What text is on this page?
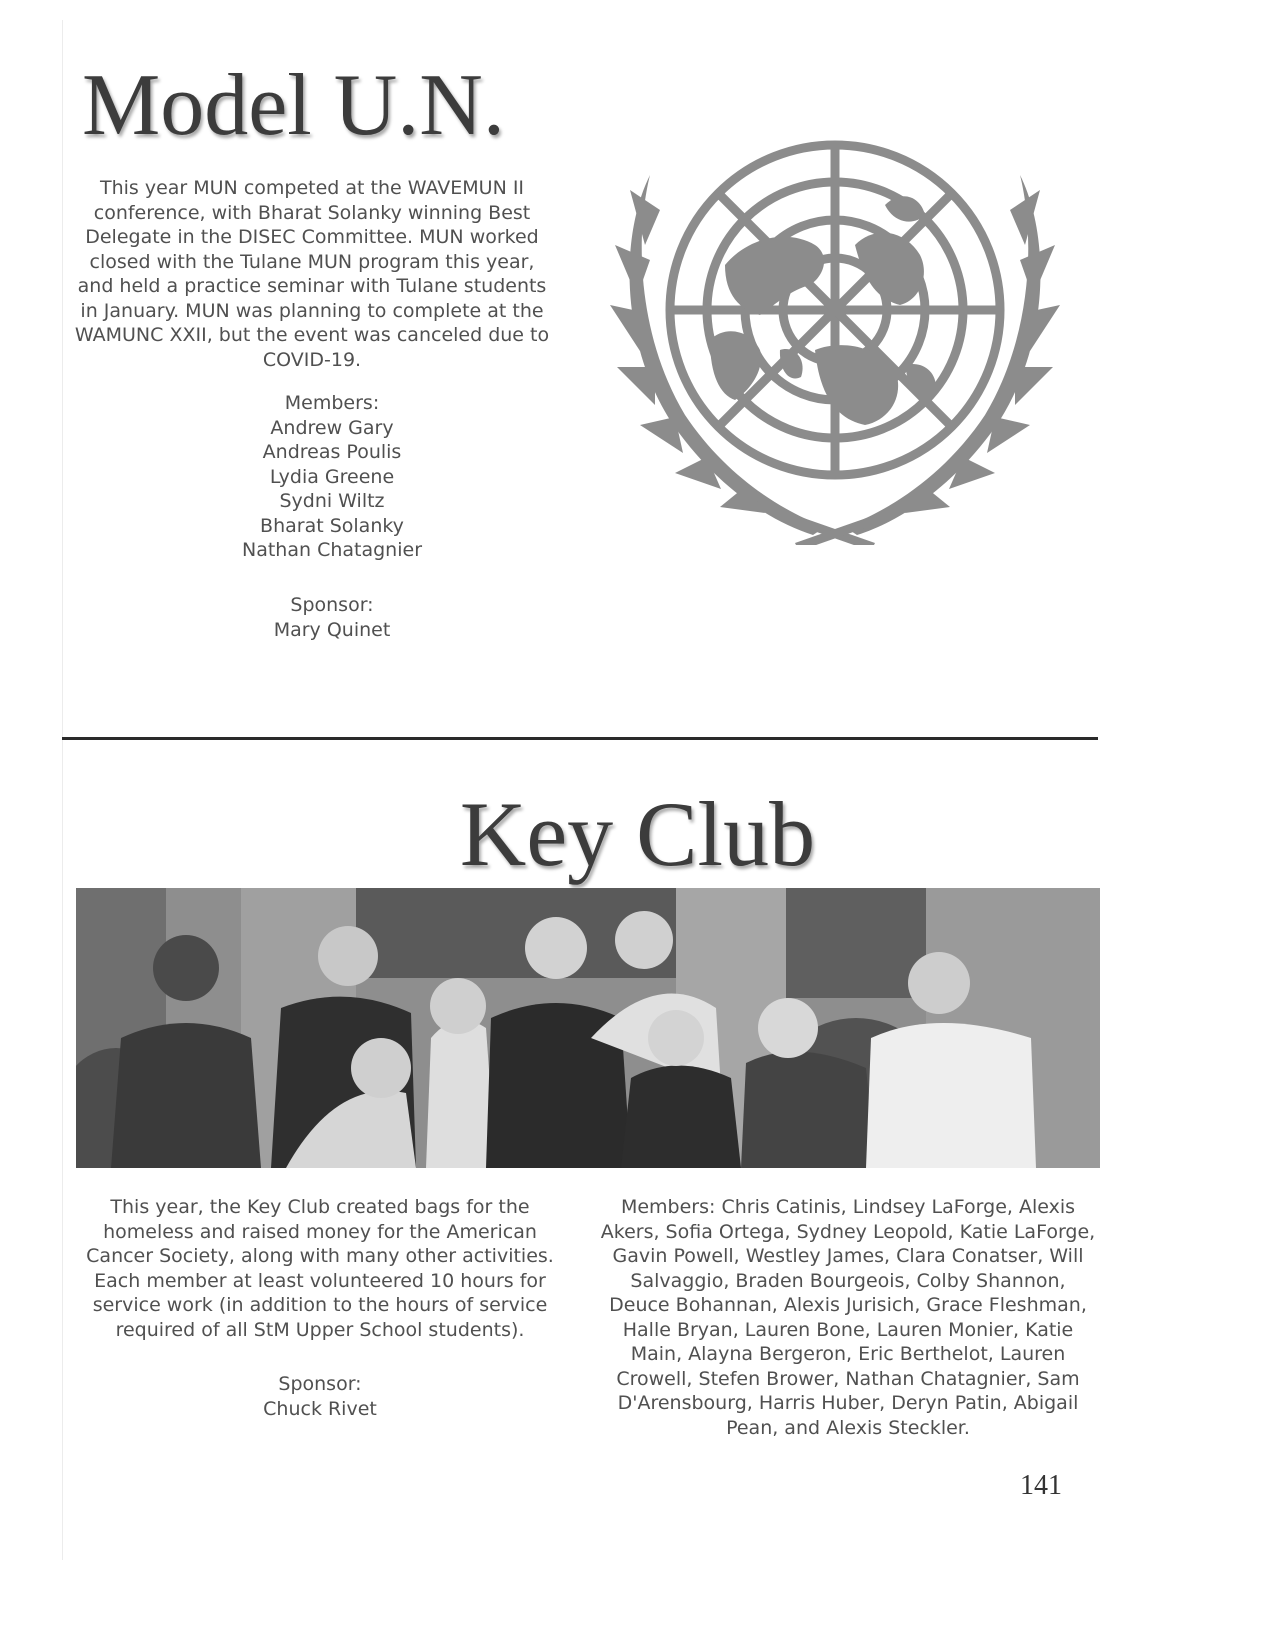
Model U.N.

This year MUN competed at the WAVEMUN II conference, with Bharat Solanky winning Best Delegate in the DISEC Committee. MUN worked closed with the Tulane MUN program this year, and held a practice seminar with Tulane students in January. MUN was planning to complete at the WAMUNC XXII, but the event was canceled due to COVID-19.

Members:

Andrew Gary

Andreas Poulis

Lydia Greene

Sydni Wiltz

Bharat Solanky

Nathan Chatagnier

Sponsor:

Mary Quinet

Key Club

This year, the Key Club created bags for the homeless and raised money for the American Cancer Society, along with many other activities. Each member at least volunteered 10 hours for service work (in addition to the hours of service required of all StM Upper School students).

Sponsor:

Chuck Rivet

Members: Chris Catinis, Lindsey LaForge, Alexis Akers, Sofia Ortega, Sydney Leopold, Katie LaForge, Gavin Powell, Westley James, Clara Conatser, Will Salvaggio, Braden Bourgeois, Colby Shannon, Deuce Bohannan, Alexis Jurisich, Grace Fleshman, Halle Bryan, Lauren Bone, Lauren Monier, Katie Main, Alayna Bergeron, Eric Berthelot, Lauren Crowell, Stefen Brower, Nathan Chatagnier, Sam D'Arensbourg, Harris Huber, Deryn Patin, Abigail Pean, and Alexis Steckler.

141
